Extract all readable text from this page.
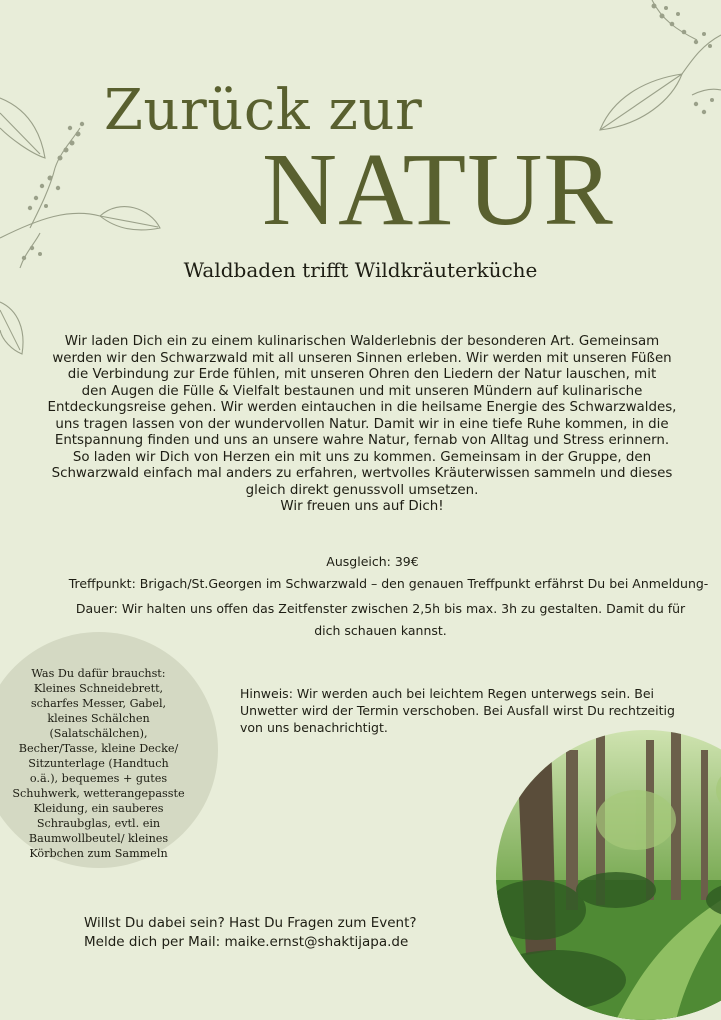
Zurück zur
NATUR
Waldbaden trifft Wildkräuterküche

Wir laden Dich ein zu einem kulinarischen Walderlebnis der besonderen Art. Gemeinsam

werden wir den Schwarzwald mit all unseren Sinnen erleben. Wir werden mit unseren Füßen

die Verbindung zur Erde fühlen, mit unseren Ohren den Liedern der Natur lauschen, mit

den Augen die Fülle & Vielfalt bestaunen und mit unseren Mündern auf kulinarische

Entdeckungsreise gehen. Wir werden eintauchen in die heilsame Energie des Schwarzwaldes,

uns tragen lassen von der wundervollen Natur. Damit wir in eine tiefe Ruhe kommen, in die

Entspannung finden und uns an unsere wahre Natur, fernab von Alltag und Stress erinnern.

So laden wir Dich von Herzen ein mit uns zu kommen. Gemeinsam in der Gruppe, den

Schwarzwald einfach mal anders zu erfahren, wertvolles Kräuterwissen sammeln und dieses

gleich direkt genussvoll umsetzen.

Wir freuen uns auf Dich!

Ausgleich: 39€
Treffpunkt: Brigach/St.Georgen im Schwarzwald – den genauen Treffpunkt erfährst Du bei Anmeldung-
Dauer: Wir halten uns offen das Zeitfenster zwischen 2,5h bis max. 3h zu gestalten. Damit du für
dich schauen kannst.
Was Du dafür brauchst:
Kleines Schneidebrett,
scharfes Messer, Gabel,
kleines Schälchen (Salatschälchen),
Becher/Tasse, kleine Decke/
Sitzunterlage (Handtuch
o.ä.), bequemes + gutes
Schuhwerk, wetterangepasste
Kleidung, ein sauberes
Schraubglas, evtl. ein
Baumwollbeutel/ kleines
Körbchen zum Sammeln
Hinweis: Wir werden auch bei leichtem Regen unterwegs sein. Bei
Unwetter wird der Termin verschoben. Bei Ausfall wirst Du rechtzeitig
von uns benachrichtigt.
Willst Du dabei sein? Hast Du Fragen zum Event?
Melde dich per Mail: maike.ernst@shaktijapa.de
